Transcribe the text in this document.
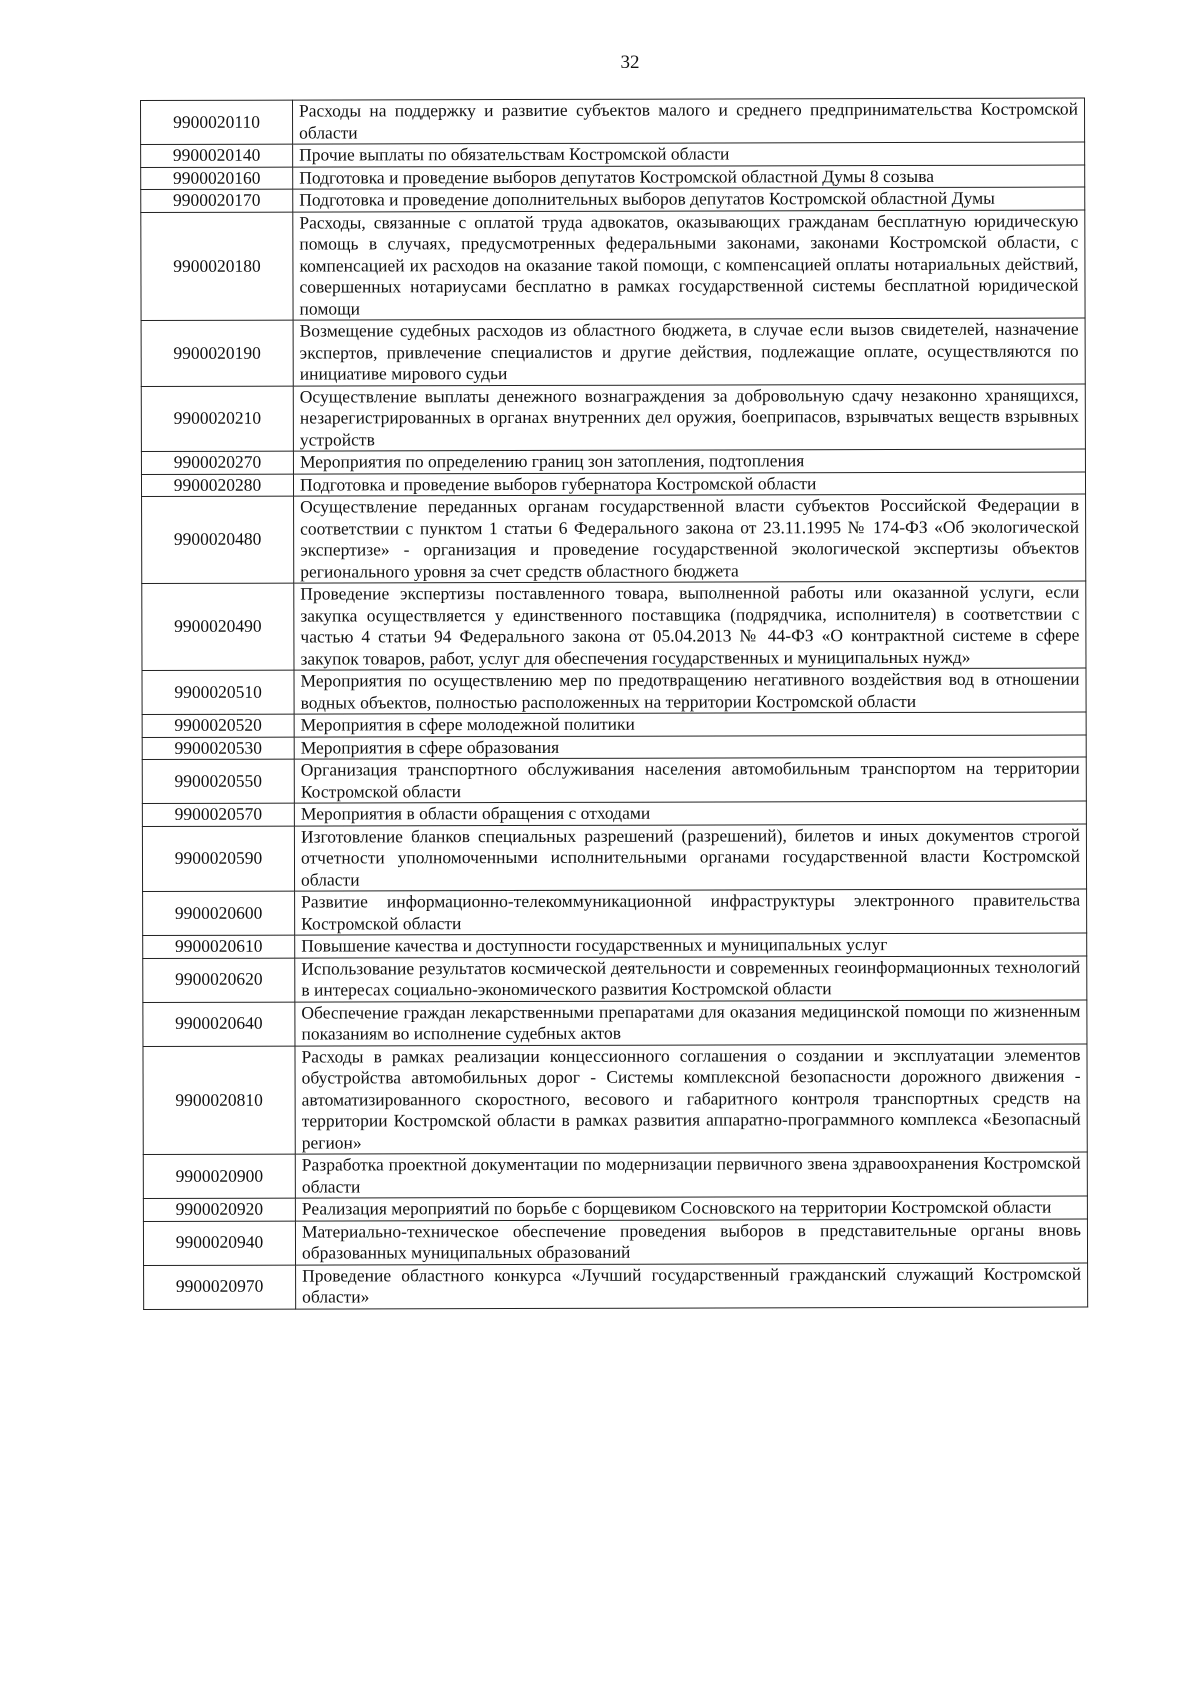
32
9900020110	Расходы на поддержку и развитие субъектов малого и среднего предпринимательства Костромской области
9900020140	Прочие выплаты по обязательствам Костромской области
9900020160	Подготовка и проведение выборов депутатов Костромской областной Думы 8 созыва
9900020170	Подготовка и проведение дополнительных выборов депутатов Костромской областной Думы
9900020180	Расходы, связанные с оплатой труда адвокатов, оказывающих гражданам бесплатную юридическую помощь в случаях, предусмотренных федеральными законами, законами Костромской области, с компенсацией их расходов на оказание такой помощи, с компенсацией оплаты нотариальных действий, совершенных нотариусами бесплатно в рамках государственной системы бесплатной юридической помощи
9900020190	Возмещение судебных расходов из областного бюджета, в случае если вызов свидетелей, назначение экспертов, привлечение специалистов и другие действия, подлежащие оплате, осуществляются по инициативе мирового судьи
9900020210	Осуществление выплаты денежного вознаграждения за добровольную сдачу незаконно хранящихся, незарегистрированных в органах внутренних дел оружия, боеприпасов, взрывчатых веществ взрывных устройств
9900020270	Мероприятия по определению границ зон затопления, подтопления
9900020280	Подготовка и проведение выборов губернатора Костромской области
9900020480	Осуществление переданных органам государственной власти субъектов Российской Федерации в соответствии с пунктом 1 статьи 6 Федерального закона от 23.11.1995 № 174-ФЗ «Об экологической экспертизе» - организация и проведение государственной экологической экспертизы объектов регионального уровня за счет средств областного бюджета
9900020490	Проведение экспертизы поставленного товара, выполненной работы или оказанной услуги, если закупка осуществляется у единственного поставщика (подрядчика, исполнителя) в соответствии с частью 4 статьи 94 Федерального закона от 05.04.2013 № 44-ФЗ «О контрактной системе в сфере закупок товаров, работ, услуг для обеспечения государственных и муниципальных нужд»
9900020510	Мероприятия по осуществлению мер по предотвращению негативного воздействия вод в отношении водных объектов, полностью расположенных на территории Костромской области
9900020520	Мероприятия в сфере молодежной политики
9900020530	Мероприятия в сфере образования
9900020550	Организация транспортного обслуживания населения автомобильным транспортом на территории Костромской области
9900020570	Мероприятия в области обращения с отходами
9900020590	Изготовление бланков специальных разрешений (разрешений), билетов и иных документов строгой отчетности уполномоченными исполнительными органами государственной власти Костромской области
9900020600	Развитие информационно-телекоммуникационной инфраструктуры электронного правительства Костромской области
9900020610	Повышение качества и доступности государственных и муниципальных услуг
9900020620	Использование результатов космической деятельности и современных геоинформационных технологий в интересах социально-экономического развития Костромской области
9900020640	Обеспечение граждан лекарственными препаратами для оказания медицинской помощи по жизненным показаниям во исполнение судебных актов
9900020810	Расходы в рамках реализации концессионного соглашения о создании и эксплуатации элементов обустройства автомобильных дорог - Системы комплексной безопасности дорожного движения - автоматизированного скоростного, весового и габаритного контроля транспортных средств на территории Костромской области в рамках развития аппаратно-программного комплекса «Безопасный регион»
9900020900	Разработка проектной документации по модернизации первичного звена здравоохранения Костромской области
9900020920	Реализация мероприятий по борьбе с борщевиком Сосновского на территории Костромской области
9900020940	Материально-техническое обеспечение проведения выборов в представительные органы вновь образованных муниципальных образований
9900020970	Проведение областного конкурса «Лучший государственный гражданский служащий Костромской области»
